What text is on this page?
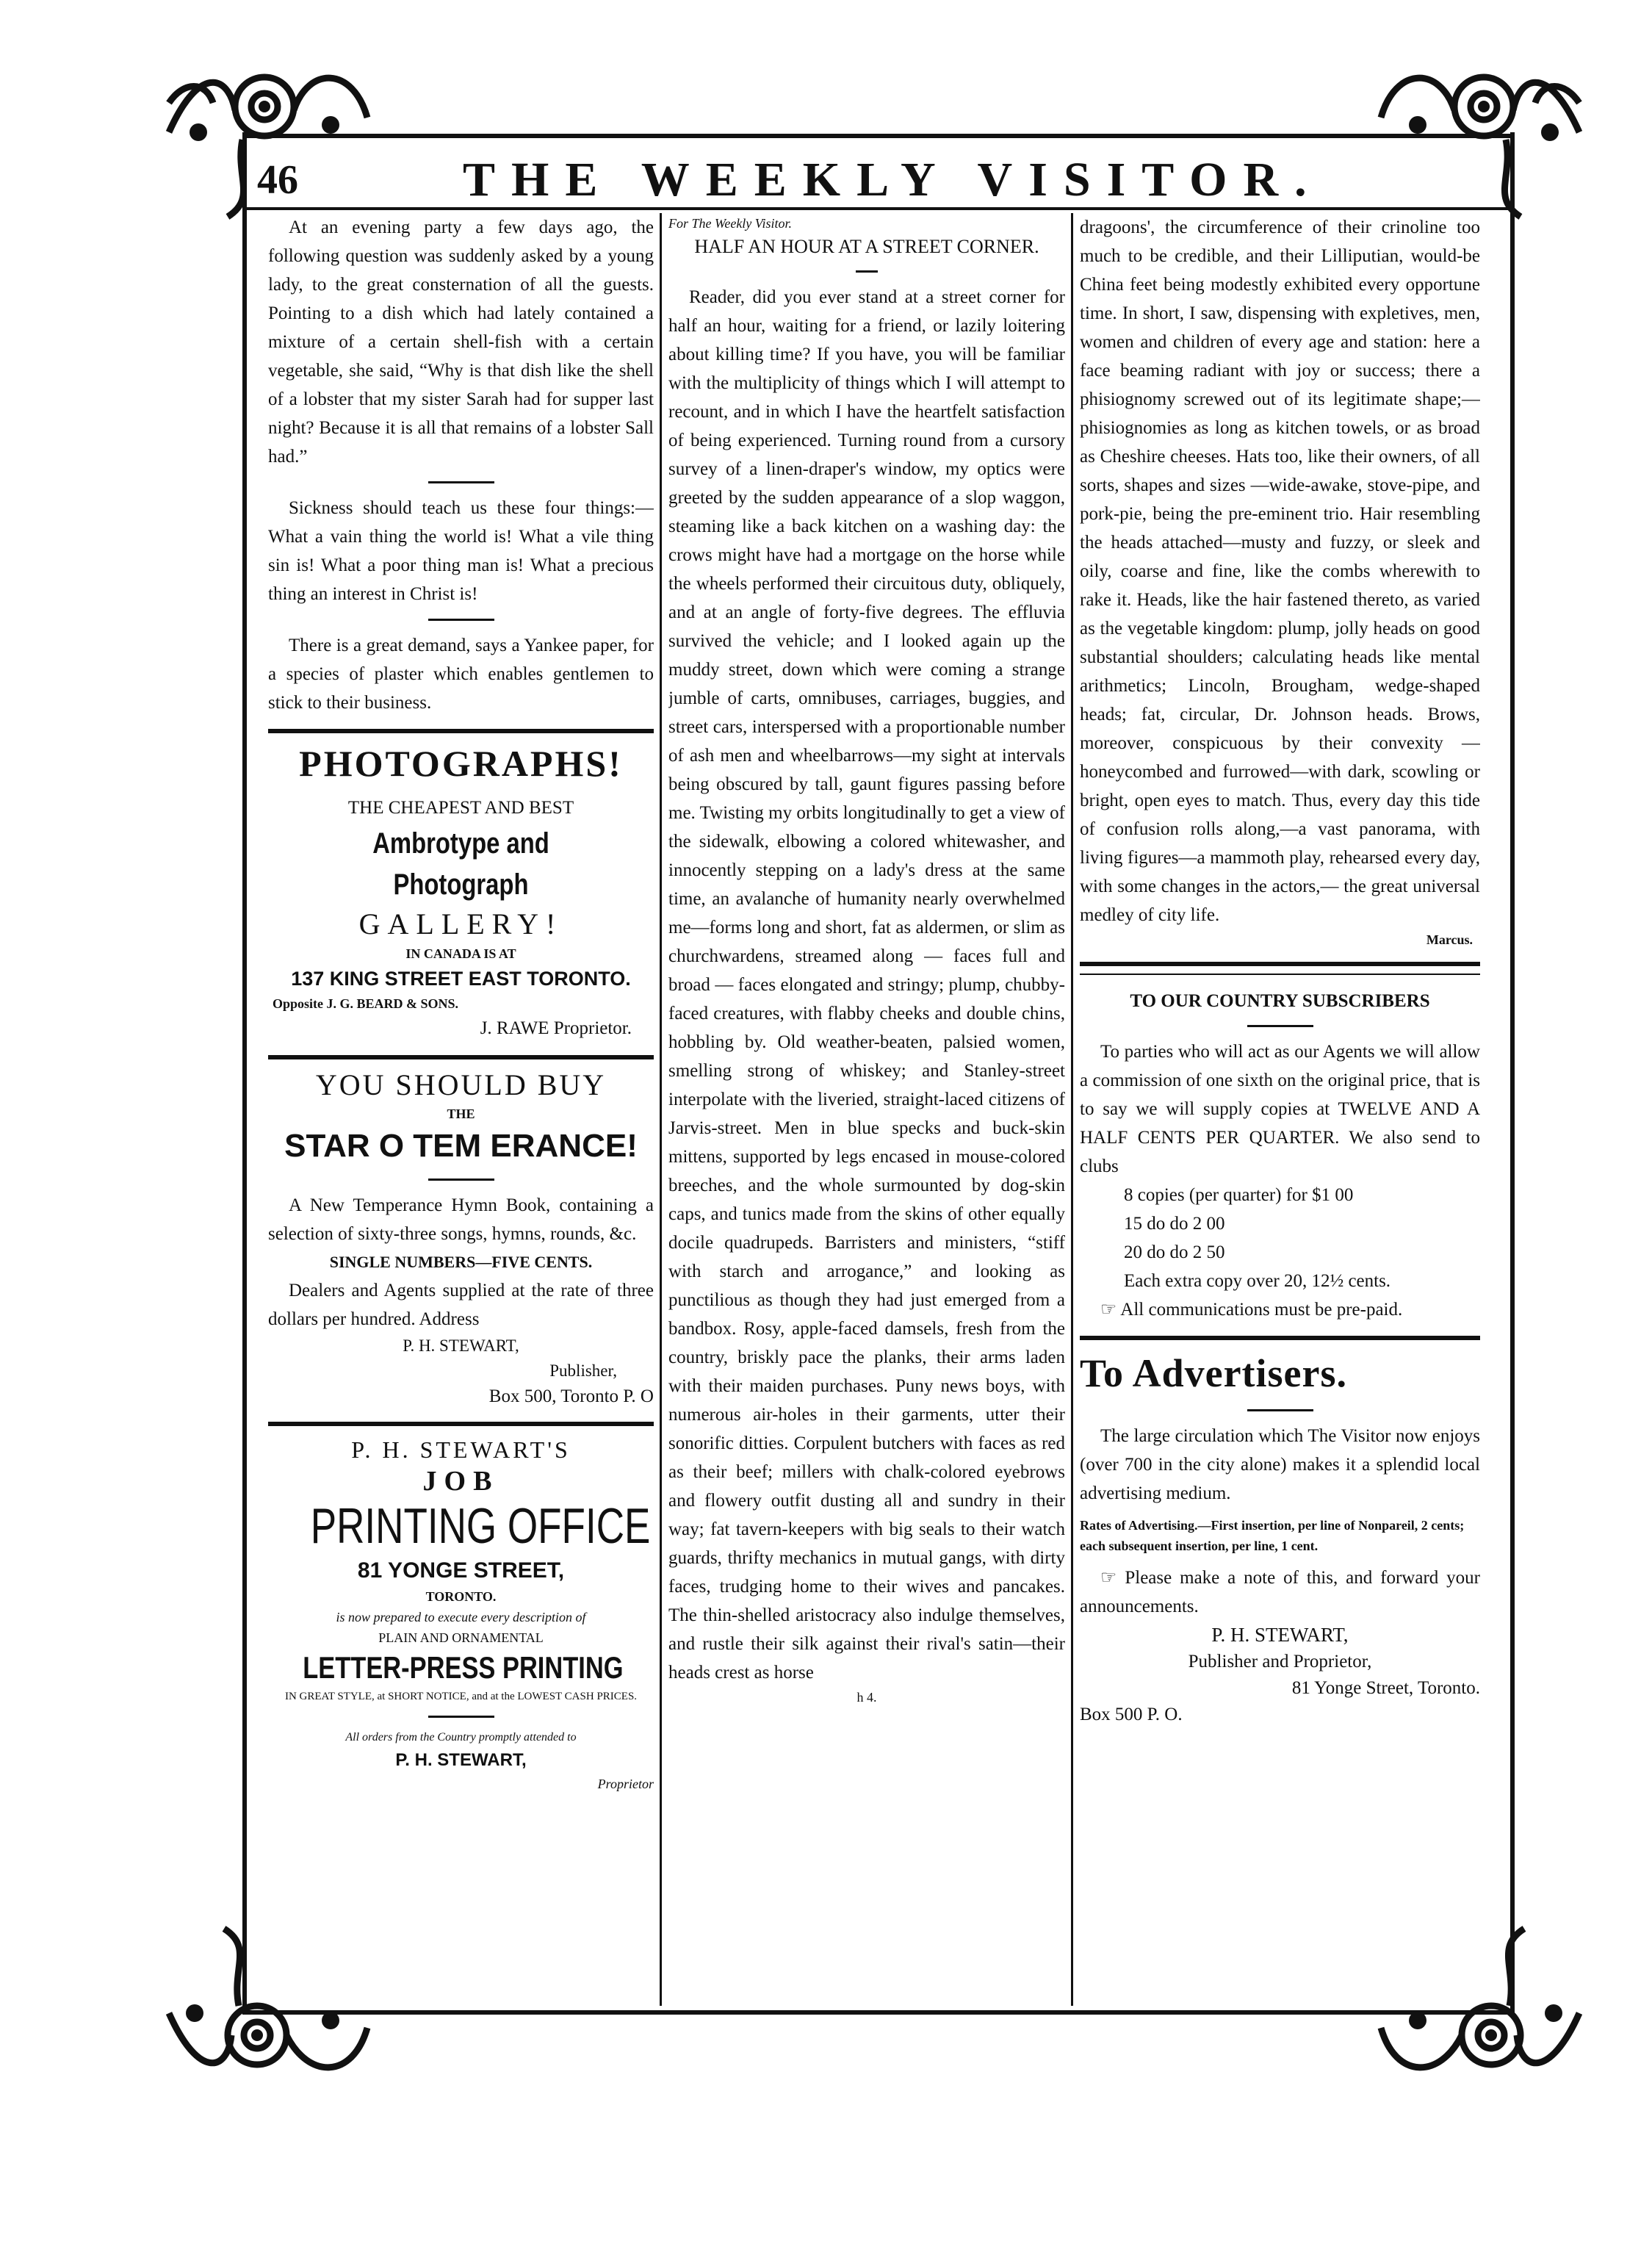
46	THE WEEKLY VISITOR.

At an evening party a few days ago, the following question was suddenly asked by a young lady, to the great consternation of all the guests. Pointing to a dish which had lately contained a mixture of a certain shell-fish with a certain vegetable, she said, “Why is that dish like the shell of a lobster that my sister Sarah had for supper last night? Because it is all that remains of a lobster Sall had.”

Sickness should teach us these four things:—What a vain thing the world is! What a vile thing sin is! What a poor thing man is! What a precious thing an interest in Christ is!

There is a great demand, says a Yankee paper, for a species of plaster which enables gentlemen to stick to their business.

PHOTOGRAPHS!

THE CHEAPEST AND BEST

Ambrotype and Photograph

GALLERY!

IN CANADA IS AT

137 KING STREET EAST TORONTO.

Opposite J. G. BEARD & SONS.

J. RAWE Proprietor.

YOU SHOULD BUY

THE

STAR O TEM ERANCE!

A New Temperance Hymn Book, containing a selection of sixty-three songs, hymns, rounds, &c.

SINGLE NUMBERS—FIVE CENTS.

Dealers and Agents supplied at the rate of three dollars per hundred. Address

P. H. STEWART,

Publisher,

Box 500, Toronto P. O

P. H. STEWART'S

JOB

PRINTING OFFICE

81 YONGE STREET,

TORONTO.

is now prepared to execute every description of

PLAIN AND ORNAMENTAL

LETTER-PRESS PRINTING

IN GREAT STYLE, at SHORT NOTICE, and at the LOWEST CASH PRICES.

All orders from the Country promptly attended to

P. H. STEWART,

Proprietor

For The Weekly Visitor.

HALF AN HOUR AT A STREET CORNER.

Reader, did you ever stand at a street corner for half an hour, waiting for a friend, or lazily loitering about killing time? If you have, you will be familiar with the multiplicity of things which I will attempt to recount, and in which I have the heartfelt satisfaction of being experienced. Turning round from a cursory survey of a linen-draper's window, my optics were greeted by the sudden appearance of a slop waggon, steaming like a back kitchen on a washing day: the crows might have had a mortgage on the horse while the wheels performed their circuitous duty, obliquely, and at an angle of forty-five degrees. The effluvia survived the vehicle; and I looked again up the muddy street, down which were coming a strange jumble of carts, omnibuses, carriages, buggies, and street cars, interspersed with a proportionable number of ash men and wheelbarrows—my sight at intervals being obscured by tall, gaunt figures passing before me. Twisting my orbits longitudinally to get a view of the sidewalk, elbowing a colored whitewasher, and innocently stepping on a lady's dress at the same time, an avalanche of humanity nearly overwhelmed me—forms long and short, fat as aldermen, or slim as churchwardens, streamed along — faces full and broad — faces elongated and stringy; plump, chubby-faced creatures, with flabby cheeks and double chins, hobbling by. Old weather-beaten, palsied women, smelling strong of whiskey; and Stanley-street interpolate with the liveried, straight-laced citizens of Jarvis-street. Men in blue specks and buck-skin mittens, supported by legs encased in mouse-colored breeches, and the whole surmounted by dog-skin caps, and tunics made from the skins of other equally docile quadrupeds. Barristers and ministers, “stiff with starch and arrogance,” and looking as punctilious as though they had just emerged from a bandbox. Rosy, apple-faced damsels, fresh from the country, briskly pace the planks, their arms laden with their maiden purchases. Puny news boys, with numerous air-holes in their garments, utter their sonorific ditties. Corpulent butchers with faces as red as their beef; millers with chalk-colored eyebrows and flowery outfit dusting all and sundry in their way; fat tavern-keepers with big seals to their watch guards, thrifty mechanics in mutual gangs, with dirty faces, trudging home to their wives and pancakes. The thin-shelled aristocracy also indulge themselves, and rustle their silk against their rival's satin—their heads crest as horse

h 4.

dragoons', the circumference of their crinoline too much to be credible, and their Lilliputian, would-be China feet being modestly exhibited every opportune time. In short, I saw, dispensing with expletives, men, women and children of every age and station: here a face beaming radiant with joy or success; there a phisiognomy screwed out of its legitimate shape;—phisiognomies as long as kitchen towels, or as broad as Cheshire cheeses. Hats too, like their owners, of all sorts, shapes and sizes —wide-awake, stove-pipe, and pork-pie, being the pre-eminent trio. Hair resembling the heads attached—musty and fuzzy, or sleek and oily, coarse and fine, like the combs wherewith to rake it. Heads, like the hair fastened thereto, as varied as the vegetable kingdom: plump, jolly heads on good substantial shoulders; calculating heads like mental arithmetics; Lincoln, Brougham, wedge-shaped heads; fat, circular, Dr. Johnson heads. Brows, moreover, conspicuous by their convexity —honeycombed and furrowed—with dark, scowling or bright, open eyes to match. Thus, every day this tide of confusion rolls along,—a vast panorama, with living figures—a mammoth play, rehearsed every day, with some changes in the actors,— the great universal medley of city life.

Marcus.

TO OUR COUNTRY SUBSCRIBERS

To parties who will act as our Agents we will allow a commission of one sixth on the original price, that is to say we will supply copies at TWELVE AND A HALF CENTS PER QUARTER. We also send to clubs

8 copies (per quarter) for $1 00

15 do do 2 00

20 do do 2 50

Each extra copy over 20, 12½ cents.

☞ All communications must be pre-paid.

To Advertisers.

The large circulation which The Visitor now enjoys (over 700 in the city alone) makes it a splendid local advertising medium.

Rates of Advertising.—First insertion, per line of Nonpareil, 2 cents; each subsequent insertion, per line, 1 cent.

☞ Please make a note of this, and forward your announcements.

P. H. STEWART,

Publisher and Proprietor,

81 Yonge Street, Toronto.

Box 500 P. O.
